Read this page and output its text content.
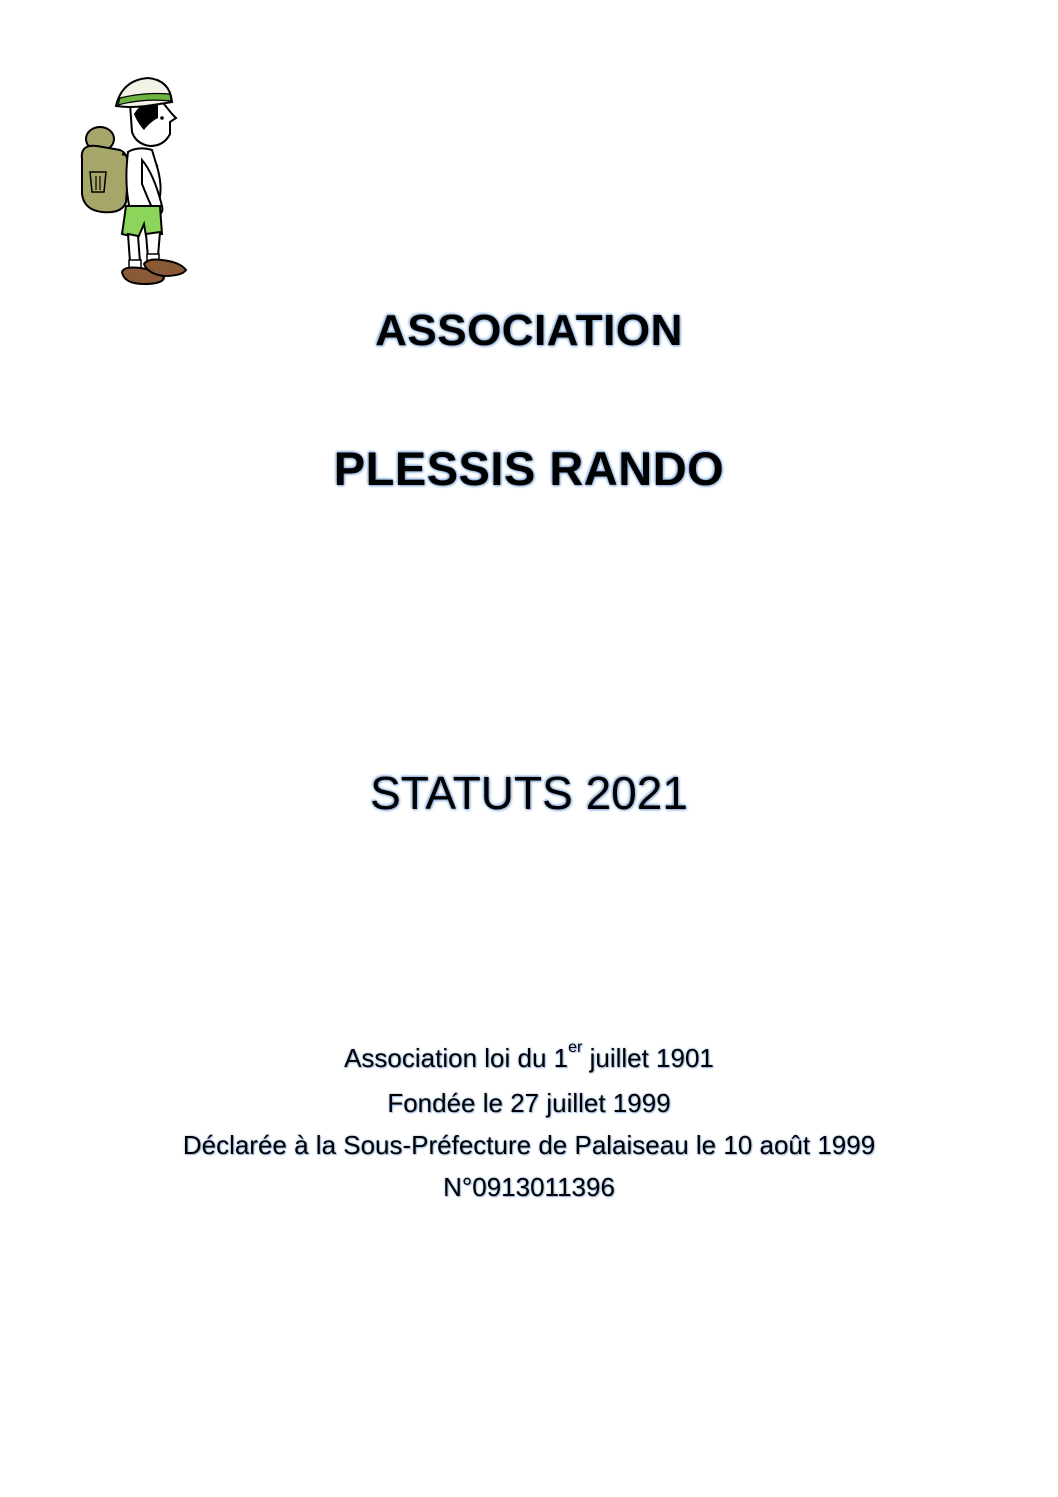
ASSOCIATION
PLESSIS RANDO
STATUTS 2021
Association loi du 1er juillet 1901
Fondée le 27 juillet 1999
Déclarée à la Sous-Préfecture de Palaiseau le 10 août 1999
N°0913011396
